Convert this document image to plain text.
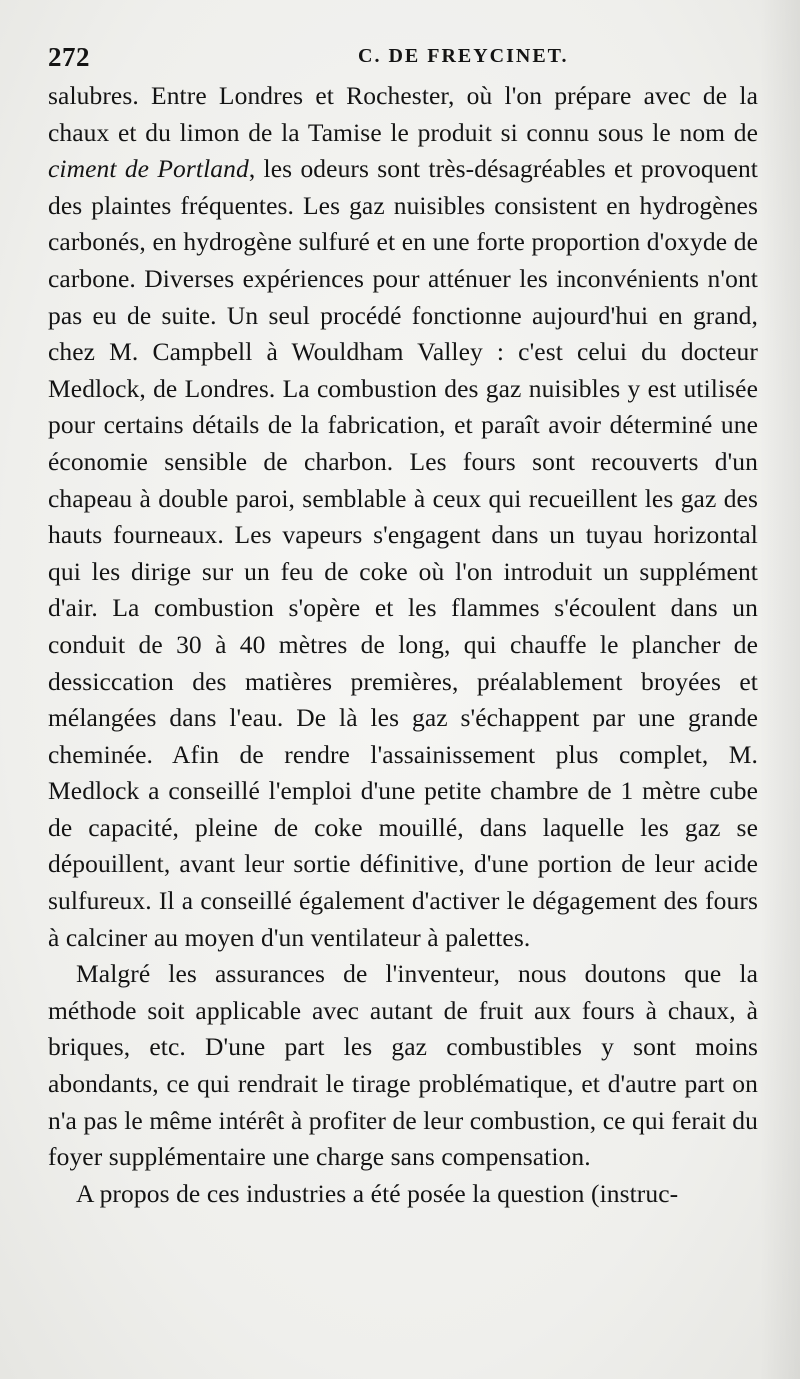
272	C. DE FREYCINET.

salubres. Entre Londres et Rochester, où l'on prépare avec de la chaux et du limon de la Tamise le produit si connu sous le nom de ciment de Portland, les odeurs sont très-désagréables et provoquent des plaintes fréquentes. Les gaz nuisibles consistent en hydrogènes carbonés, en hydrogène sulfuré et en une forte proportion d'oxyde de carbone. Diverses expériences pour atténuer les inconvénients n'ont pas eu de suite. Un seul procédé fonctionne aujourd'hui en grand, chez M. Campbell à Wouldham Valley : c'est celui du docteur Medlock, de Londres. La combustion des gaz nuisibles y est utilisée pour certains détails de la fabrication, et paraît avoir déterminé une économie sensible de charbon. Les fours sont recouverts d'un chapeau à double paroi, semblable à ceux qui recueillent les gaz des hauts fourneaux. Les vapeurs s'engagent dans un tuyau horizontal qui les dirige sur un feu de coke où l'on introduit un supplément d'air. La combustion s'opère et les flammes s'écoulent dans un conduit de 30 à 40 mètres de long, qui chauffe le plancher de dessiccation des matières premières, préalablement broyées et mélangées dans l'eau. De là les gaz s'échappent par une grande cheminée. Afin de rendre l'assainissement plus complet, M. Medlock a conseillé l'emploi d'une petite chambre de 1 mètre cube de capacité, pleine de coke mouillé, dans laquelle les gaz se dépouillent, avant leur sortie définitive, d'une portion de leur acide sulfureux. Il a conseillé également d'activer le dégagement des fours à calciner au moyen d'un ventilateur à palettes.

Malgré les assurances de l'inventeur, nous doutons que la méthode soit applicable avec autant de fruit aux fours à chaux, à briques, etc. D'une part les gaz combustibles y sont moins abondants, ce qui rendrait le tirage problématique, et d'autre part on n'a pas le même intérêt à profiter de leur combustion, ce qui ferait du foyer supplémentaire une charge sans compensation.

A propos de ces industries a été posée la question (instruc-
